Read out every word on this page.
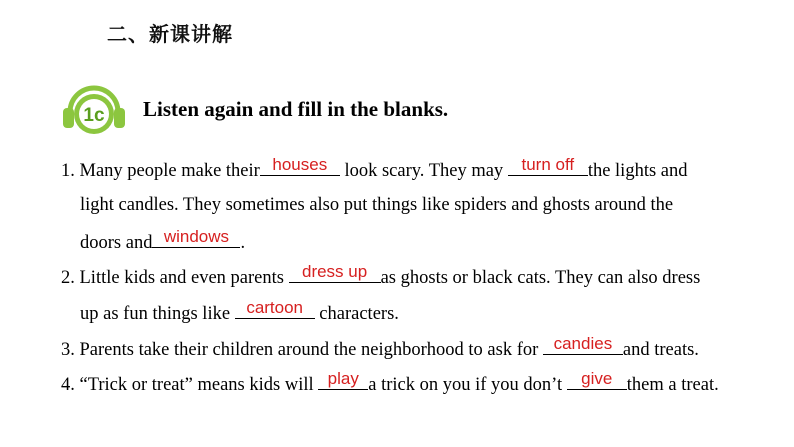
二、新课讲解
1c Listen again and fill in the blanks.
1. Many people make their houses look scary. They may turn off the lights and
light candles. They sometimes also put things like spiders and ghosts around the
doors and windows .
2. Little kids and even parents dress up as ghosts or black cats. They can also dress
up as fun things like cartoon characters.
3. Parents take their children around the neighborhood to ask for candies and treats.
4. “Trick or treat” means kids will play a trick on you if you don’t give them a treat.
